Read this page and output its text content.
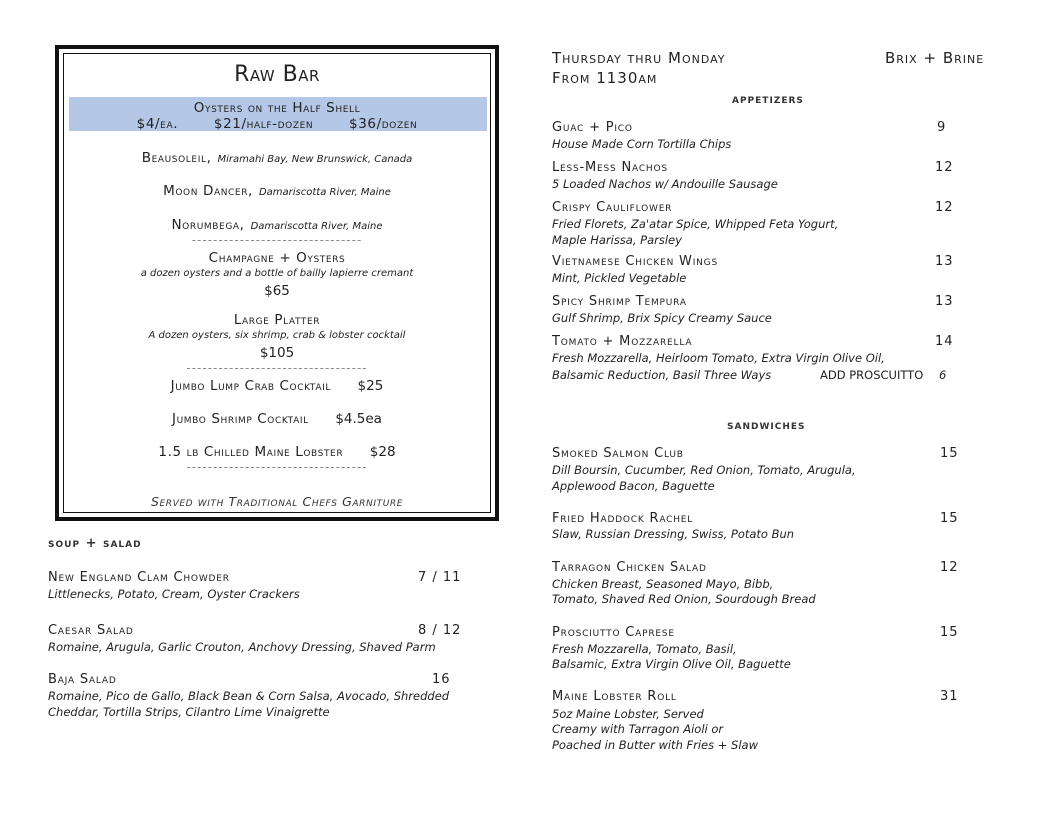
Raw Bar
Oysters on the Half Shell
$4/ea.	$21/half-dozen	$36/dozen
Beausoleil, Miramahi Bay, New Brunswick, Canada
Moon Dancer, Damariscotta River, Maine
Norumbega, Damariscotta River, Maine
--------------------------------
Champagne + Oysters
a dozen oysters and a bottle of bailly lapierre cremant
$65
Large Platter
A dozen oysters, six shrimp, crab & lobster cocktail
$105
----------------------------------
Jumbo Lump Crab Cocktail $25
Jumbo Shrimp Cocktail $4.5ea
1.5 lb Chilled Maine Lobster $28
----------------------------------
Served with Traditional Chefs Garniture
soup + salad
New England Clam Chowder	7 / 11
Littlenecks, Potato, Cream, Oyster Crackers
Caesar Salad	8 / 12
Romaine, Arugula, Garlic Crouton, Anchovy Dressing, Shaved Parm
Baja Salad	16
Romaine, Pico de Gallo, Black Bean & Corn Salsa, Avocado, Shredded
Cheddar, Tortilla Strips, Cilantro Lime Vinaigrette
Thursday thru Monday
From 1130am
Brix + Brine
appetizers
Guac + Pico	9
House Made Corn Tortilla Chips
Less-Mess Nachos	12
5 Loaded Nachos w/ Andouille Sausage
Crispy Cauliflower	12
Fried Florets, Za'atar Spice, Whipped Feta Yogurt,
Maple Harissa, Parsley
Vietnamese Chicken Wings	13
Mint, Pickled Vegetable
Spicy Shrimp Tempura	13
Gulf Shrimp, Brix Spicy Creamy Sauce
Tomato + Mozzarella	14
Fresh Mozzarella, Heirloom Tomato, Extra Virgin Olive Oil,
Balsamic Reduction, Basil Three Ways	ADD PROSCUITTO 6
sandwiches
Smoked Salmon Club	15
Dill Boursin, Cucumber, Red Onion, Tomato, Arugula,
Applewood Bacon, Baguette
Fried Haddock Rachel	15
Slaw, Russian Dressing, Swiss, Potato Bun
Tarragon Chicken Salad	12
Chicken Breast, Seasoned Mayo, Bibb,
Tomato, Shaved Red Onion, Sourdough Bread
Prosciutto Caprese	15
Fresh Mozzarella, Tomato, Basil,
Balsamic, Extra Virgin Olive Oil, Baguette
Maine Lobster Roll	31
5oz Maine Lobster, Served
Creamy with Tarragon Aioli or
Poached in Butter with Fries + Slaw
